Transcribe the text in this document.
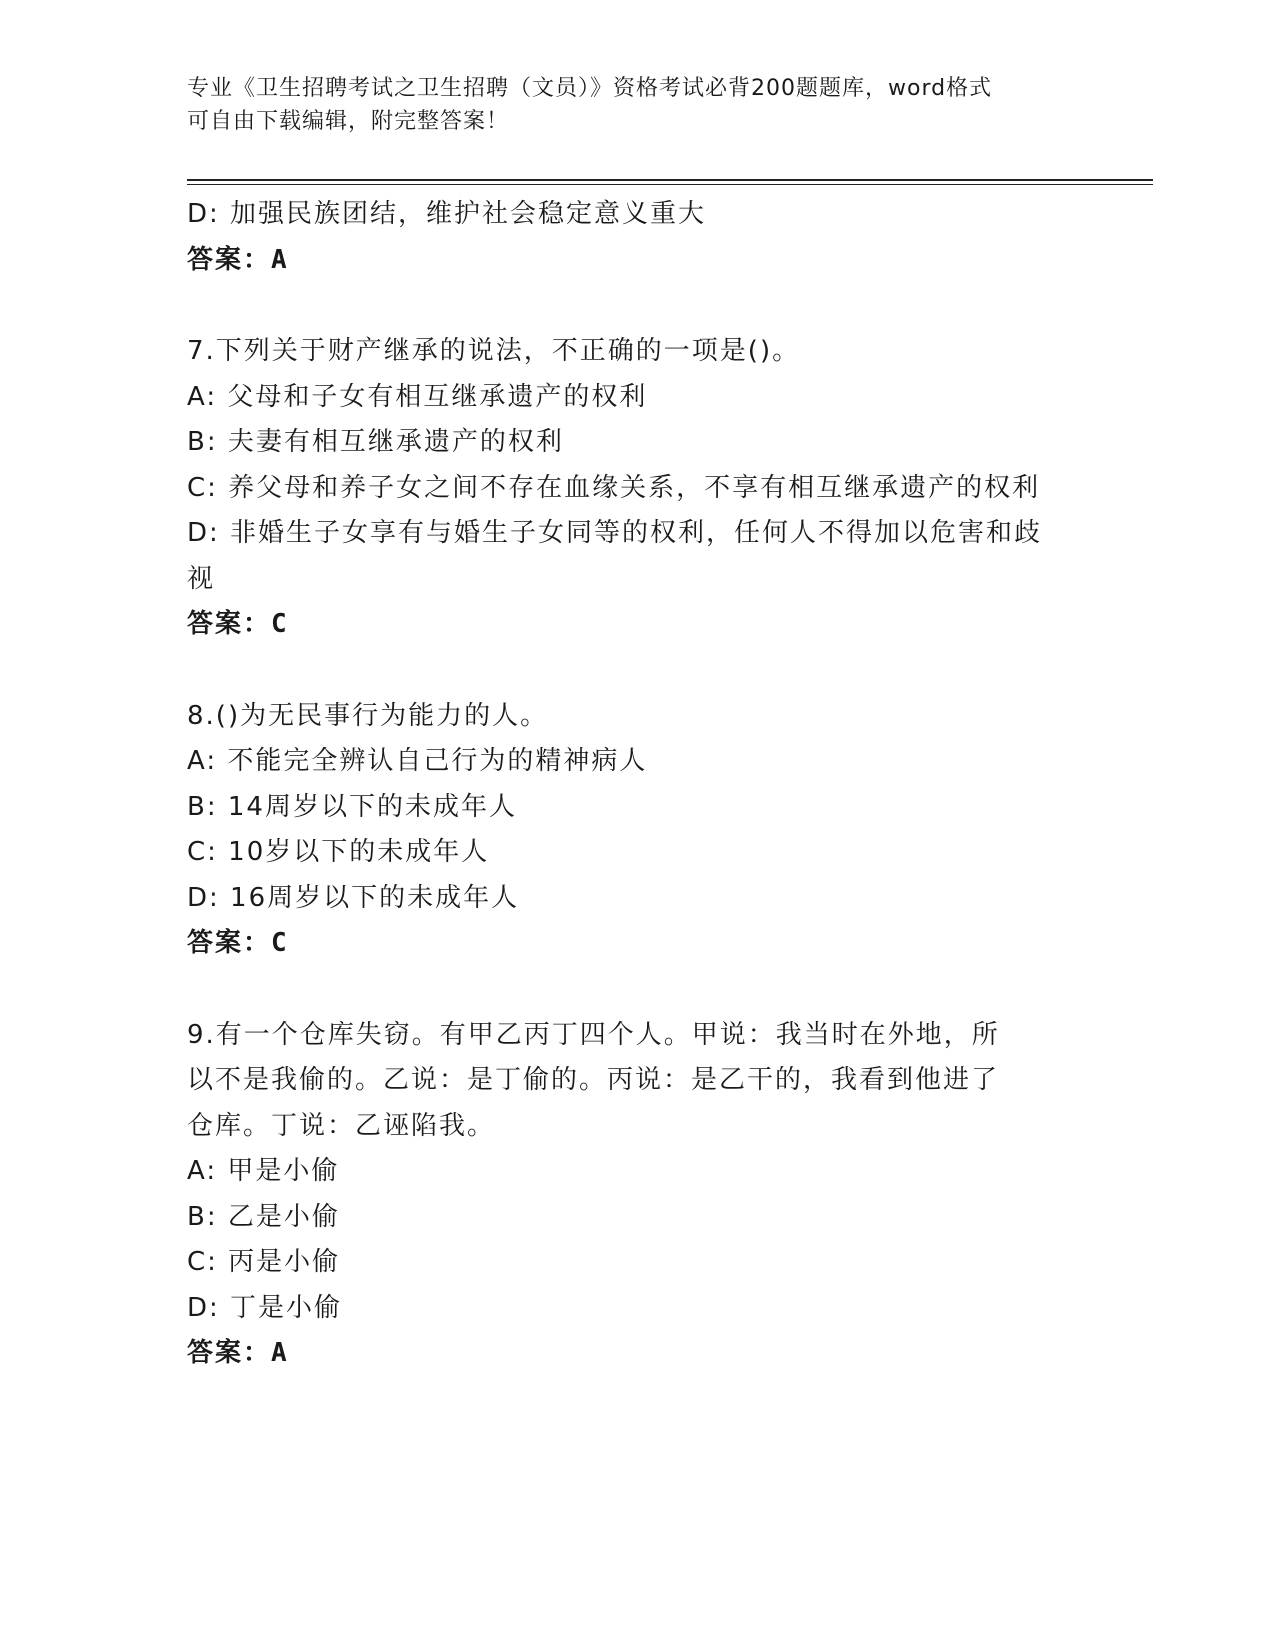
专业《卫生招聘考试之卫生招聘（文员）》资格考试必背200题题库，word格式
可自由下载编辑，附完整答案！
D: 加强民族团结，维护社会稳定意义重大
答案：A
7.下列关于财产继承的说法，不正确的一项是()。
A: 父母和子女有相互继承遗产的权利
B: 夫妻有相互继承遗产的权利
C: 养父母和养子女之间不存在血缘关系，不享有相互继承遗产的权利
D: 非婚生子女享有与婚生子女同等的权利，任何人不得加以危害和歧视
答案：C
8.()为无民事行为能力的人。
A: 不能完全辨认自己行为的精神病人
B: 14周岁以下的未成年人
C: 10岁以下的未成年人
D: 16周岁以下的未成年人
答案：C
9.有一个仓库失窃。有甲乙丙丁四个人。甲说：我当时在外地，所以不是我偷的。乙说：是丁偷的。丙说：是乙干的，我看到他进了仓库。丁说：乙诬陷我。
A: 甲是小偷
B: 乙是小偷
C: 丙是小偷
D: 丁是小偷
答案：A
